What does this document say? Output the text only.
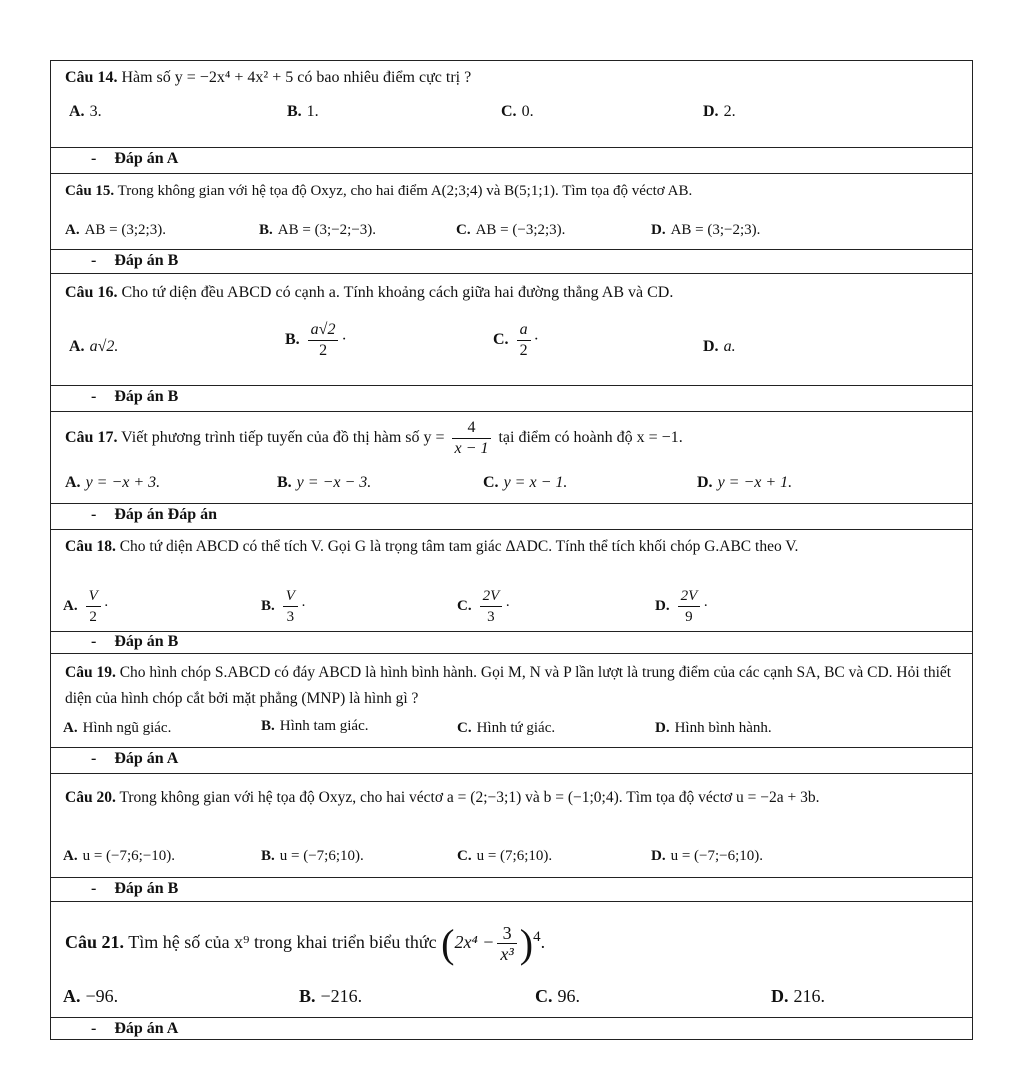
Câu 14. Hàm số y = −2x⁴ + 4x² + 5 có bao nhiêu điểm cực trị ?
A. 3.	B. 1.	C. 0.	D. 2.
- Đáp án A
Câu 15. Trong không gian với hệ tọa độ Oxyz, cho hai điểm A(2;3;4) và B(5;1;1). Tìm tọa độ véctơ AB.
A. AB = (3;2;3).	B. AB = (3;−2;−3).	C. AB = (−3;2;3).	D. AB = (3;−2;3).
- Đáp án B
Câu 16. Cho tứ diện đều ABCD có cạnh a. Tính khoảng cách giữa hai đường thẳng AB và CD.
A. a√2.	B. $\frac{a√2}{2}$ ·	C. $\frac{a}{2}$ ·	D. a.
- Đáp án B
Câu 17. Viết phương trình tiếp tuyến của đồ thị hàm số $y = \frac{4}{x - 1}$ tại điểm có hoành độ x = −1.
A. y = −x + 3.	B. y = −x − 3.	C. y = x − 1.	D. y = −x + 1.
- Đáp án Đáp án
Câu 18. Cho tứ diện ABCD có thể tích V. Gọi G là trọng tâm tam giác ΔADC. Tính thể tích khối chóp G.ABC theo V.
A. $\frac{V}{2}$ ·	B. $\frac{V}{3}$ ·	C. $\frac{2V}{3}$ ·	D. $\frac{2V}{9}$ ·
- Đáp án B
Câu 19. Cho hình chóp S.ABCD có đáy ABCD là hình bình hành. Gọi M, N và P lần lượt là trung điểm của các cạnh SA, BC và CD. Hỏi thiết diện của hình chóp cắt bởi mặt phẳng (MNP) là hình gì ?
A. Hình ngũ giác.	B. Hình tam giác.	C. Hình tứ giác.	D. Hình bình hành.
- Đáp án A
Câu 20. Trong không gian với hệ tọa độ Oxyz, cho hai véctơ a = (2;−3;1) và b = (−1;0;4). Tìm tọa độ véctơ u = −2a + 3b.
A. u = (−7;6;−10).	B. u = (−7;6;10).	C. u = (7;6;10).	D. u = (−7;−6;10).
- Đáp án B
Câu 21. Tìm hệ số của x⁹ trong khai triển biểu thức $(2x^4 - \frac{3}{\text{x³}} )^4$.
A. −96.	B. −216.	C. 96.	D. 216.
- Đáp án A
